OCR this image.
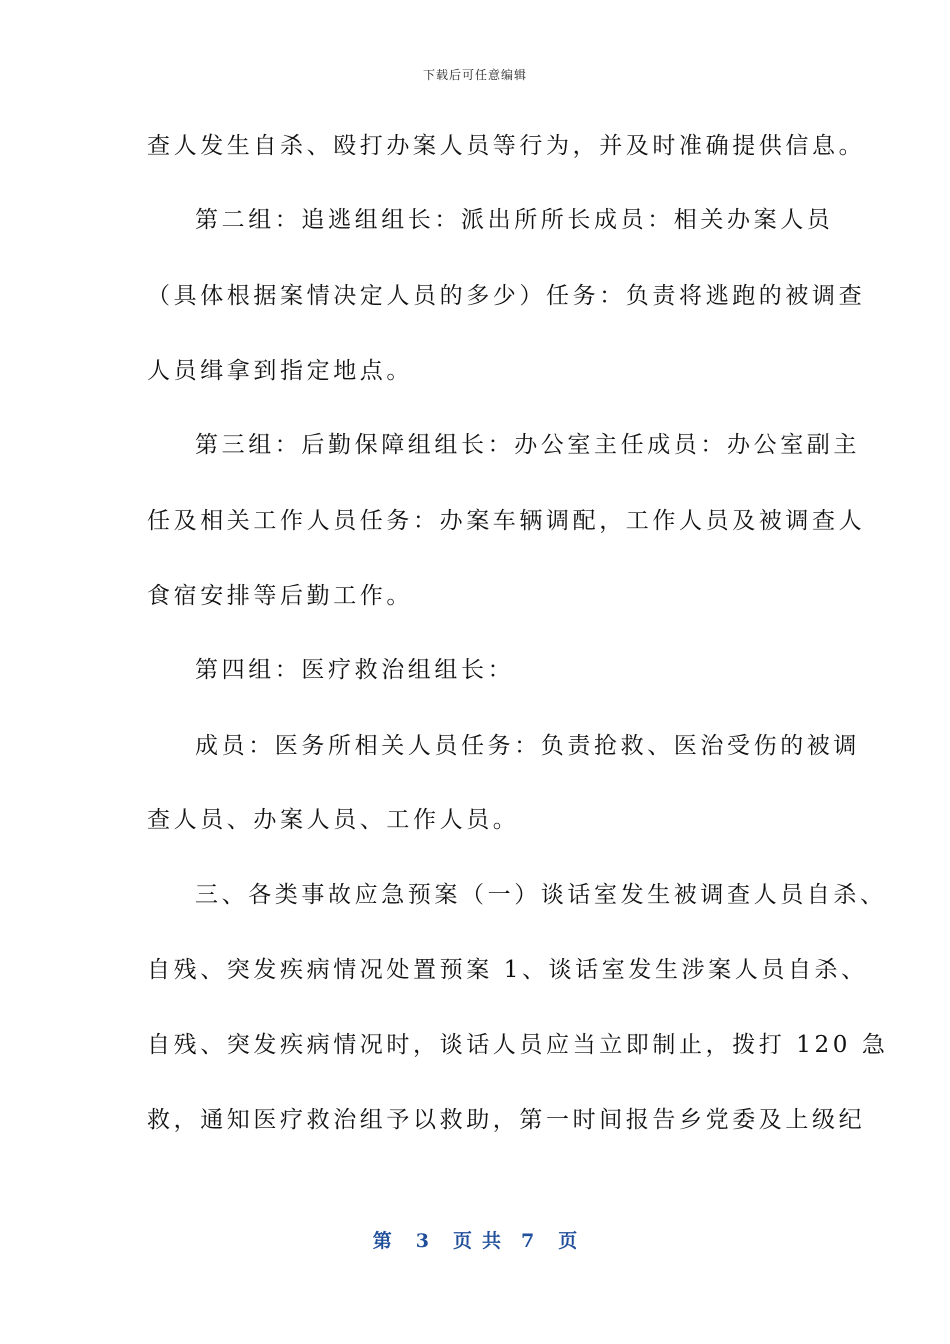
下载后可任意编辑
查人发生自杀、殴打办案人员等行为，并及时准确提供信息。
第二组：追逃组组长：派出所所长成员：相关办案人员
（具体根据案情决定人员的多少）任务：负责将逃跑的被调查
人员缉拿到指定地点。
第三组：后勤保障组组长：办公室主任成员：办公室副主
任及相关工作人员任务：办案车辆调配，工作人员及被调查人
食宿安排等后勤工作。
第四组：医疗救治组组长：
成员：医务所相关人员任务：负责抢救、医治受伤的被调
查人员、办案人员、工作人员。
三、各类事故应急预案（一）谈话室发生被调查人员自杀、
自残、突发疾病情况处置预案 1、谈话室发生涉案人员自杀、
自残、突发疾病情况时，谈话人员应当立即制止，拨打 120 急
救，通知医疗救治组予以救助，第一时间报告乡党委及上级纪
第 3 页共 7 页
